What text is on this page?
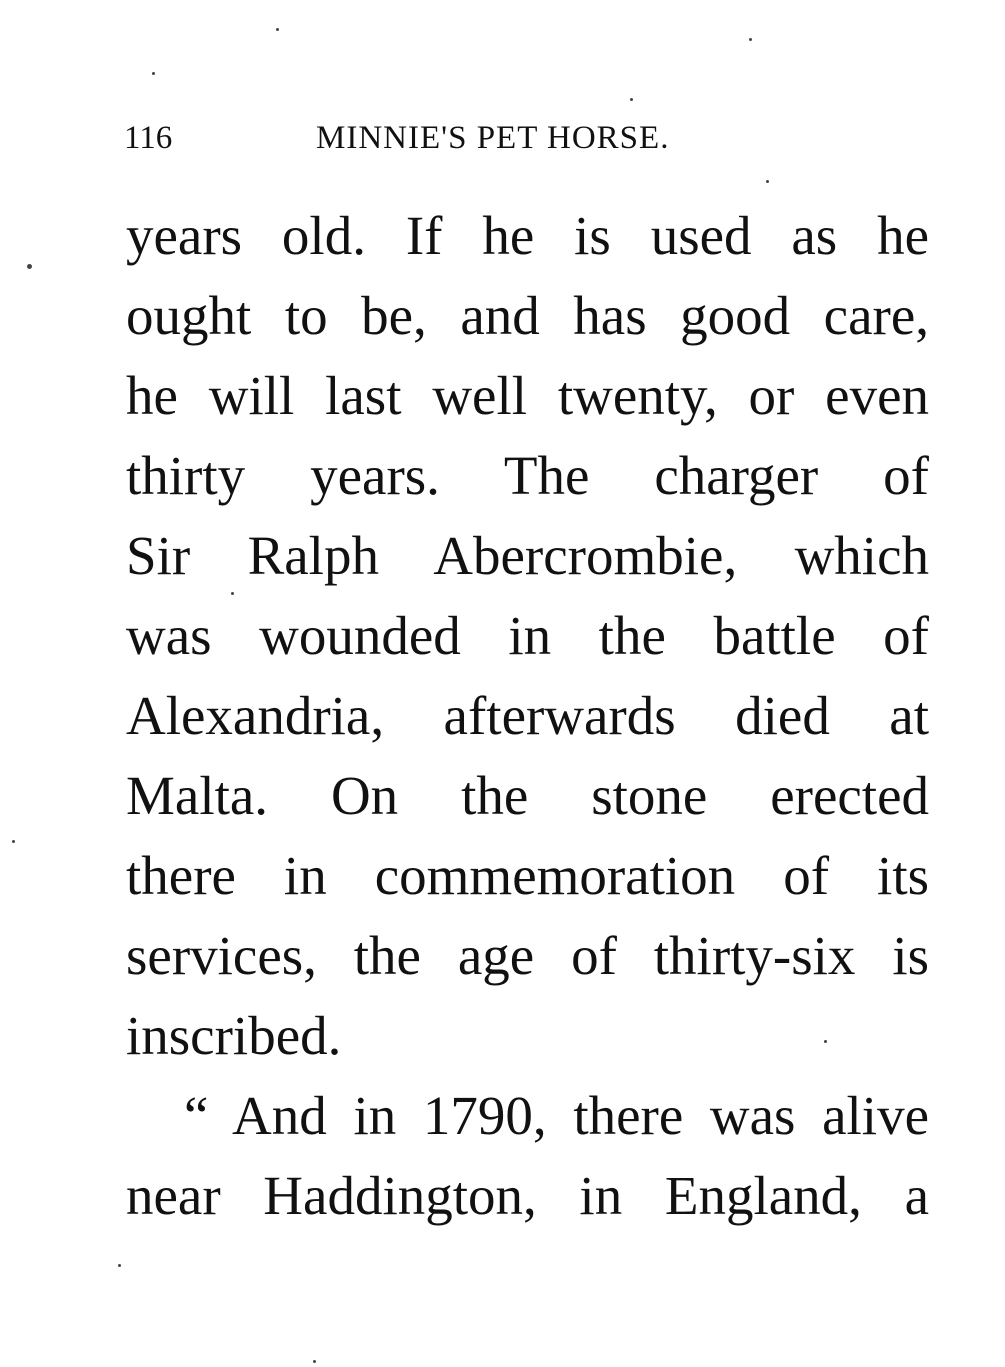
116	MINNIE'S PET HORSE.
years old. If he is used as he
ought to be, and has good care,
he will last well twenty, or even
thirty years. The charger of
Sir Ralph Abercrombie, which
was wounded in the battle of
Alexandria, afterwards died at
Malta. On the stone erected
there in commemoration of its
services, the age of thirty-six is
inscribed.
“ And in 1790, there was alive
near Haddington, in England, a
